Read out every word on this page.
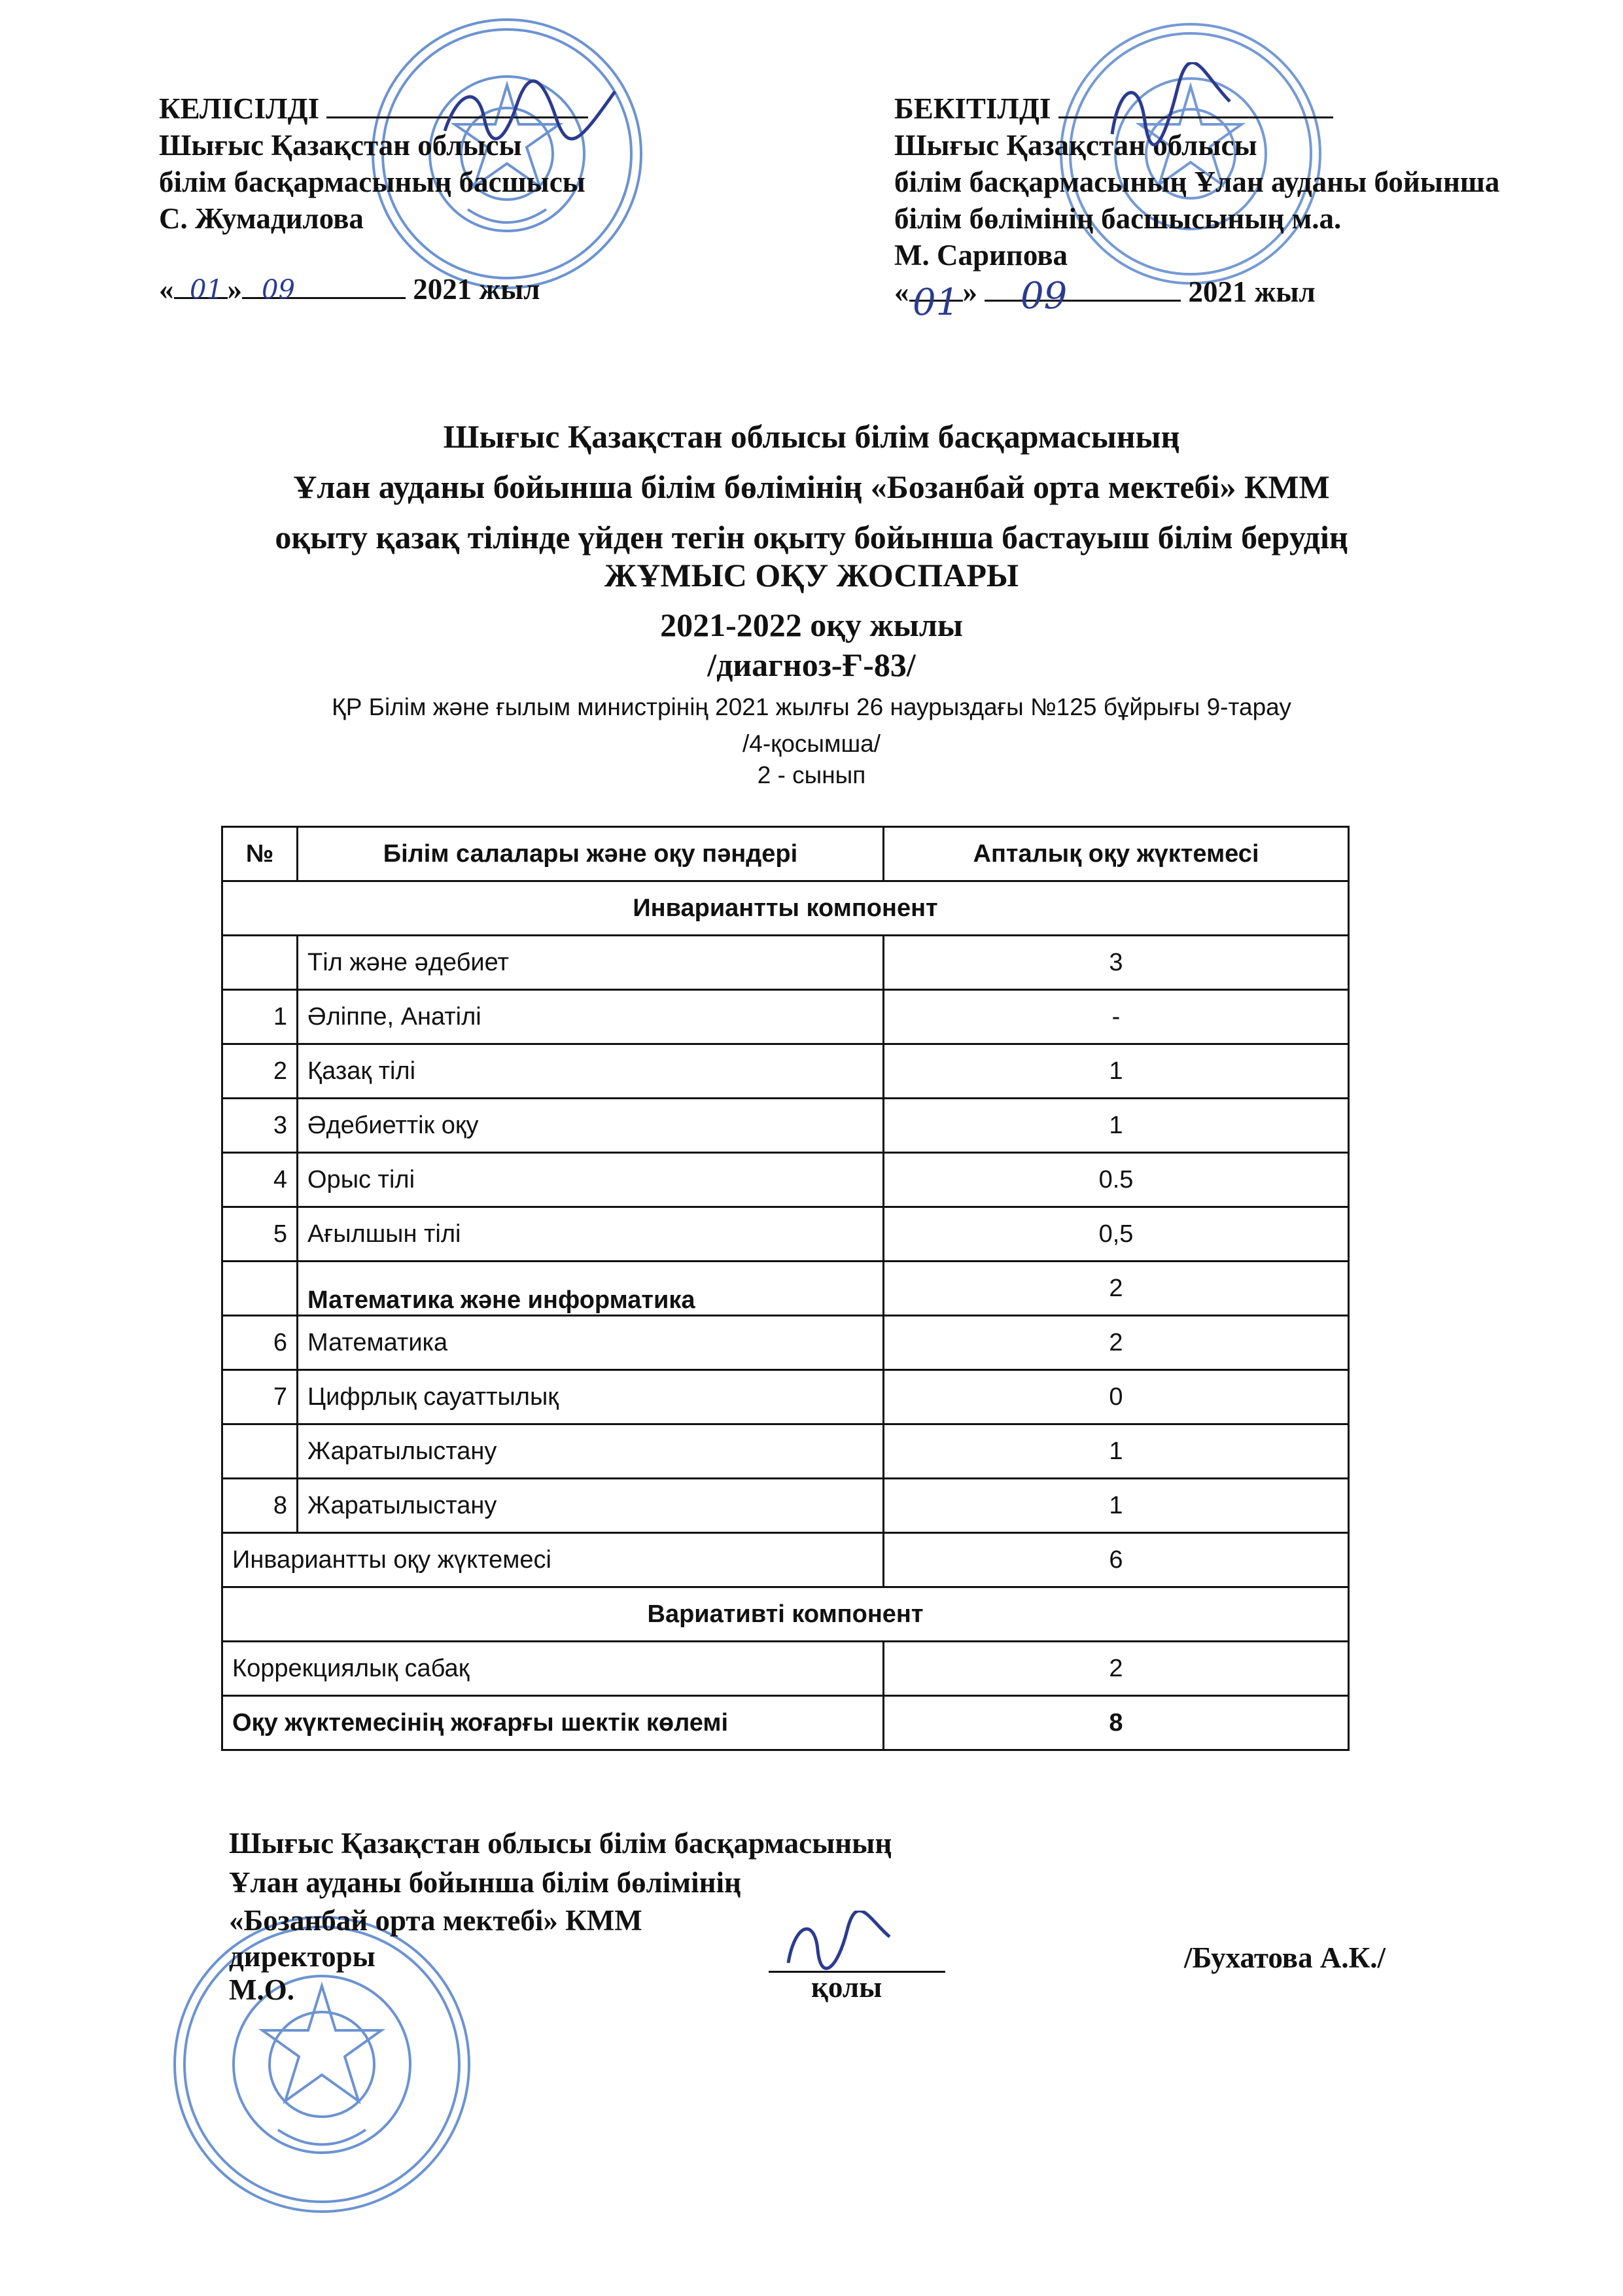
КЕЛІСІЛДІ
Шығыс Қазақстан облысы
білім басқармасының басшысы
С. Жумадилова
« »	2021 жыл
01 09
БЕКІТІЛДІ
Шығыс Қазақстан облысы
білім басқармасының Ұлан ауданы бойынша
білім бөлімінің басшысының м.а.
М. Сарипова
« »	2021 жыл
01 09
Шығыс Қазақстан облысы білім басқармасының
Ұлан ауданы бойынша білім бөлімінің «Бозанбай орта мектебі» КММ
оқыту қазақ тілінде үйден тегін оқыту бойынша бастауыш білім берудің
ЖҰМЫС ОҚУ ЖОСПАРЫ
2021-2022 оқу жылы
/диагноз-Ғ-83/
ҚР Білім және ғылым министрінің 2021 жылғы 26 наурыздағы №125 бұйрығы 9-тарау
/4-қосымша/
2 - сынып
№	Білім салалары және оқу пәндері	Апталық оқу жүктемесі
Инвариантты компонент		
	Тіл және әдебиет	3
1	Әліппе, Анатілі	-
2	Қазақ тілі	1
3	Әдебиеттік оқу	1
4	Орыс тілі	0.5
5	Ағылшын тілі	0,5
	Математика және информатика	2
6	Математика	2
7	Цифрлық сауаттылық	0
	Жаратылыстану	1
8	Жаратылыстану	1
Инвариантты оқу жүктемесі		6
Вариативті компонент		
Коррекциялық сабақ		2
Оқу жүктемесінің жоғарғы шектік көлемі		8
Шығыс Қазақстан облысы білім басқармасының
Ұлан ауданы бойынша білім бөлімінің
«Бозанбай орта мектебі» КММ
директоры
М.О.	қолы
/Бухатова А.К./
